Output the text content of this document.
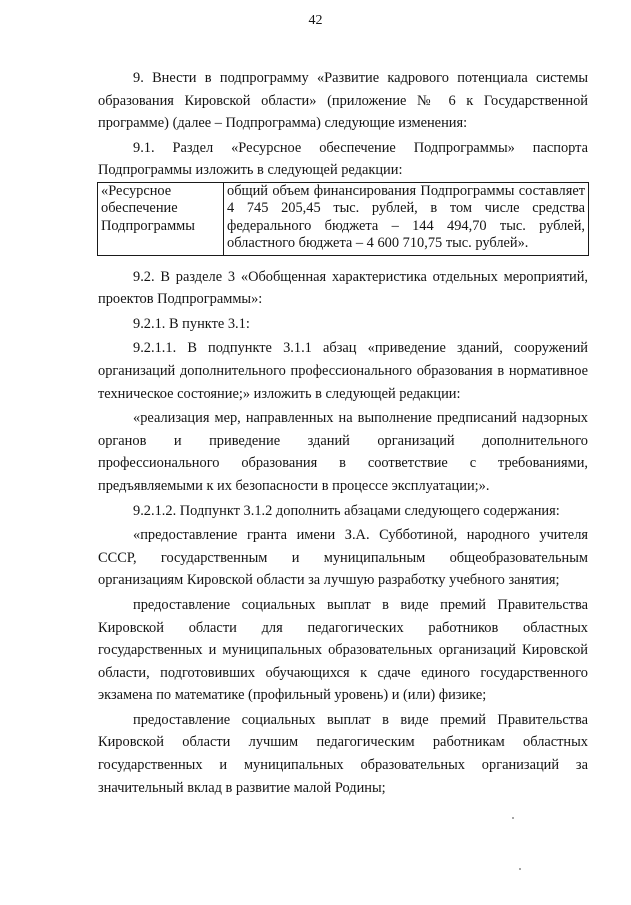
42

9. Внести в подпрограмму «Развитие кадрового потенциала системы образования Кировской области» (приложение № 6 к Государственной программе) (далее – Подпрограмма) следующие изменения:

9.1. Раздел «Ресурсное обеспечение Подпрограммы» паспорта Подпрограммы изложить в следующей редакции:

«Ресурсное обеспечение Подпрограммы	общий объем финансирования Подпрограммы составляет 4 745 205,45 тыс. рублей, в том числе средства федерального бюджета – 144 494,70 тыс. рублей, областного бюджета – 4 600 710,75 тыс. рублей».

9.2. В разделе 3 «Обобщенная характеристика отдельных мероприятий, проектов Подпрограммы»:

9.2.1. В пункте 3.1:

9.2.1.1. В подпункте 3.1.1 абзац «приведение зданий, сооружений организаций дополнительного профессионального образования в нормативное техническое состояние;» изложить в следующей редакции:

«реализация мер, направленных на выполнение предписаний надзорных органов и приведение зданий организаций дополнительного профессионального образования в соответствие с требованиями, предъявляемыми к их безопасности в процессе эксплуатации;».

9.2.1.2. Подпункт 3.1.2 дополнить абзацами следующего содержания:

«предоставление гранта имени З.А. Субботиной, народного учителя СССР, государственным и муниципальным общеобразовательным организациям Кировской области за лучшую разработку учебного занятия;

предоставление социальных выплат в виде премий Правительства Кировской области для педагогических работников областных государственных и муниципальных образовательных организаций Кировской области, подготовивших обучающихся к сдаче единого государственного экзамена по математике (профильный уровень) и (или) физике;

предоставление социальных выплат в виде премий Правительства Кировской области лучшим педагогическим работникам областных государственных и муниципальных образовательных организаций за значительный вклад в развитие малой Родины;
